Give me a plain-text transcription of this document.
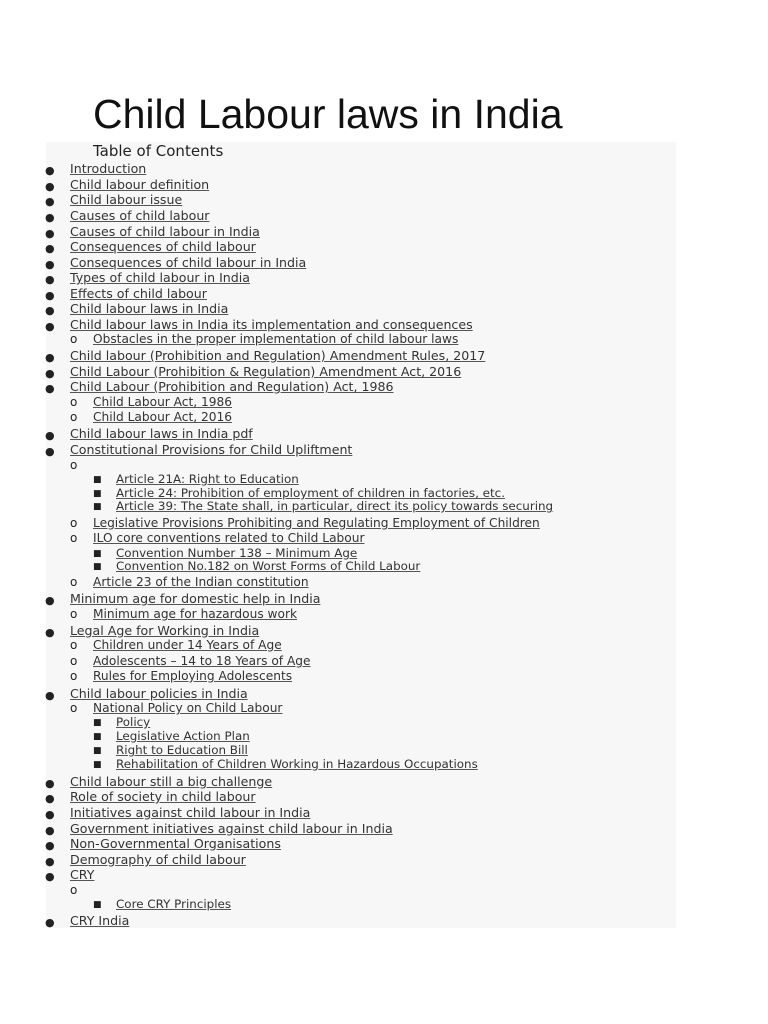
Child Labour laws in India
Table of Contents
● Introduction
● Child labour definition
● Child labour issue
● Causes of child labour
● Causes of child labour in India
● Consequences of child labour
● Consequences of child labour in India
● Types of child labour in India
● Effects of child labour
● Child labour laws in India
● Child labour laws in India its implementation and consequences
o Obstacles in the proper implementation of child labour laws
● Child labour (Prohibition and Regulation) Amendment Rules, 2017
● Child Labour (Prohibition & Regulation) Amendment Act, 2016
● Child Labour (Prohibition and Regulation) Act, 1986
o Child Labour Act, 1986
o Child Labour Act, 2016
● Child labour laws in India pdf
● Constitutional Provisions for Child Upliftment
o
■ Article 21A: Right to Education
■ Article 24: Prohibition of employment of children in factories, etc.
■ Article 39: The State shall, in particular, direct its policy towards securing
o Legislative Provisions Prohibiting and Regulating Employment of Children
o ILO core conventions related to Child Labour
■ Convention Number 138 – Minimum Age
■ Convention No.182 on Worst Forms of Child Labour
o Article 23 of the Indian constitution
● Minimum age for domestic help in India
o Minimum age for hazardous work
● Legal Age for Working in India
o Children under 14 Years of Age
o Adolescents – 14 to 18 Years of Age
o Rules for Employing Adolescents
● Child labour policies in India
o National Policy on Child Labour
■ Policy
■ Legislative Action Plan
■ Right to Education Bill
■ Rehabilitation of Children Working in Hazardous Occupations
● Child labour still a big challenge
● Role of society in child labour
● Initiatives against child labour in India
● Government initiatives against child labour in India
● Non-Governmental Organisations
● Demography of child labour
● CRY
o
■ Core CRY Principles
● CRY India
